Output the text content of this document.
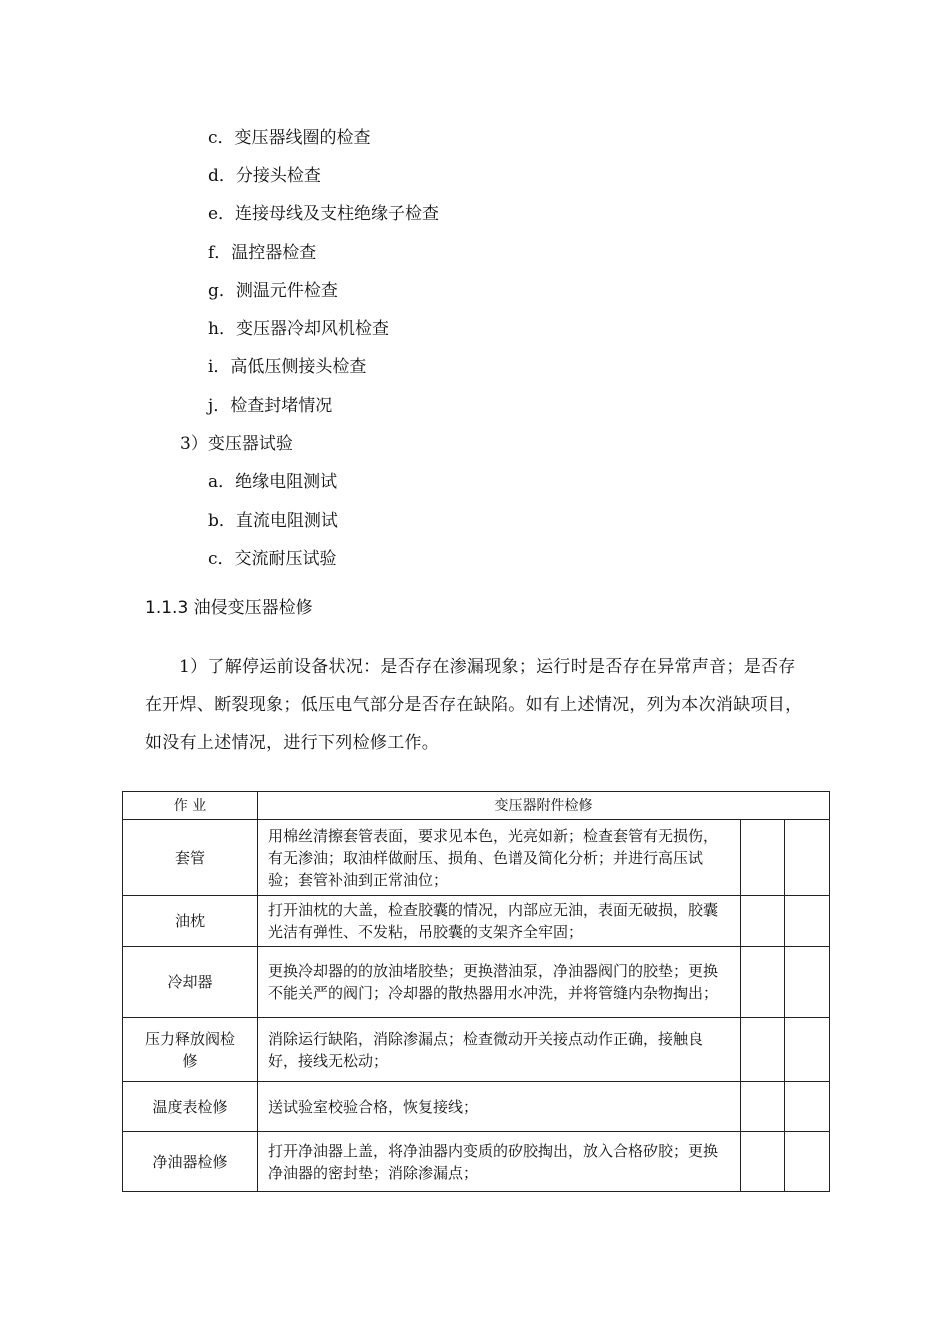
c．变压器线圈的检查
d．分接头检查
e．连接母线及支柱绝缘子检查
f．温控器检查
g．测温元件检查
h．变压器冷却风机检查
i．高低压侧接头检查
j．检查封堵情况
3）变压器试验
a．绝缘电阻测试
b．直流电阻测试
c．交流耐压试验
1.1.3 油侵变压器检修
1）了解停运前设备状况：是否存在渗漏现象；运行时是否存在异常声音；是否存在开焊、断裂现象；低压电气部分是否存在缺陷。如有上述情况，列为本次消缺项目，如没有上述情况，进行下列检修工作。
作 业	变压器附件检修		
套管	用棉丝清擦套管表面，要求见本色，光亮如新；检查套管有无损伤，有无渗油；取油样做耐压、损角、色谱及简化分析；并进行高压试验；套管补油到正常油位；		
油枕	打开油枕的大盖，检查胶囊的情况，内部应无油，表面无破损，胶囊光洁有弹性、不发粘，吊胶囊的支架齐全牢固；		
冷却器	更换冷却器的的放油堵胶垫；更换潜油泵，净油器阀门的胶垫；更换不能关严的阀门；冷却器的散热器用水冲洗，并将管缝内杂物掏出；		
压力释放阀检修	消除运行缺陷，消除渗漏点；检查微动开关接点动作正确，接触良好，接线无松动；		
温度表检修	送试验室校验合格，恢复接线；		
净油器检修	打开净油器上盖，将净油器内变质的矽胶掏出，放入合格矽胶；更换净油器的密封垫；消除渗漏点；		
